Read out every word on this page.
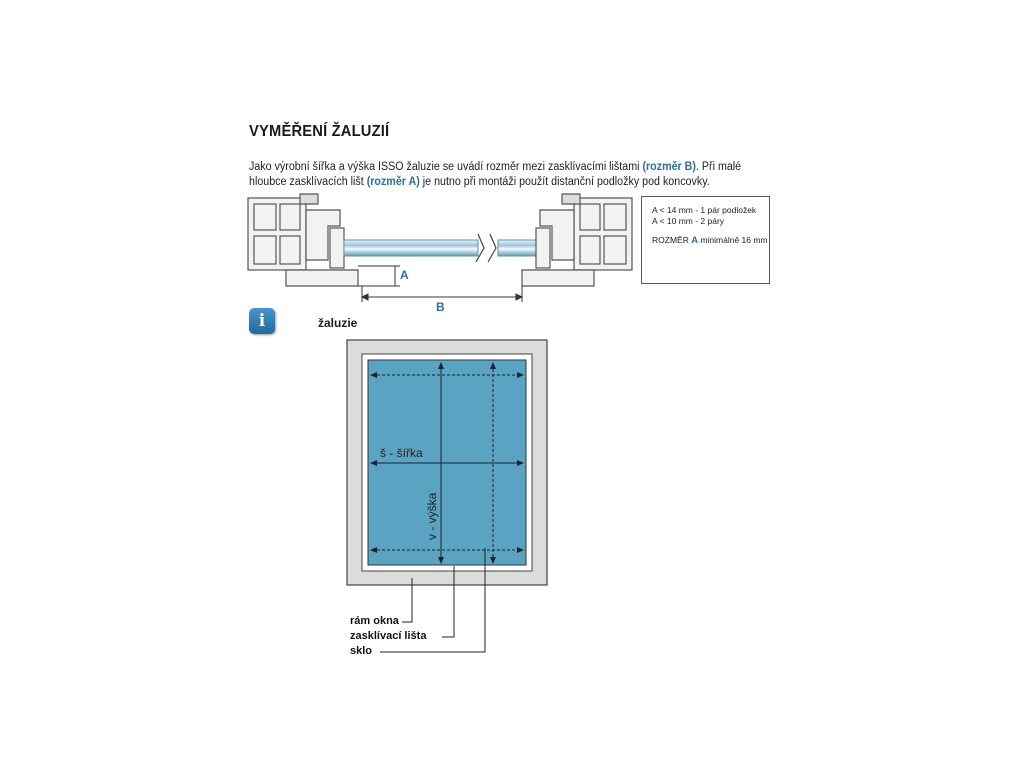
VYMĚŘENÍ ŽALUZIÍ
Jako výrobní šířka a výška ISSO žaluzie se uvádí rozměr mezi zasklívacími lištami (rozměr B). Při malé hloubce zasklívacích lišt (rozměr A) je nutno při montáži použít distanční podložky pod koncovky.
A
B
A < 14 mm - 1 pár podložek
A < 10 mm - 2 páry
ROZMĚR A minimálně 16 mm
i	žaluzie
š - šířka
v - výška
rám okna
zasklívací lišta
sklo
